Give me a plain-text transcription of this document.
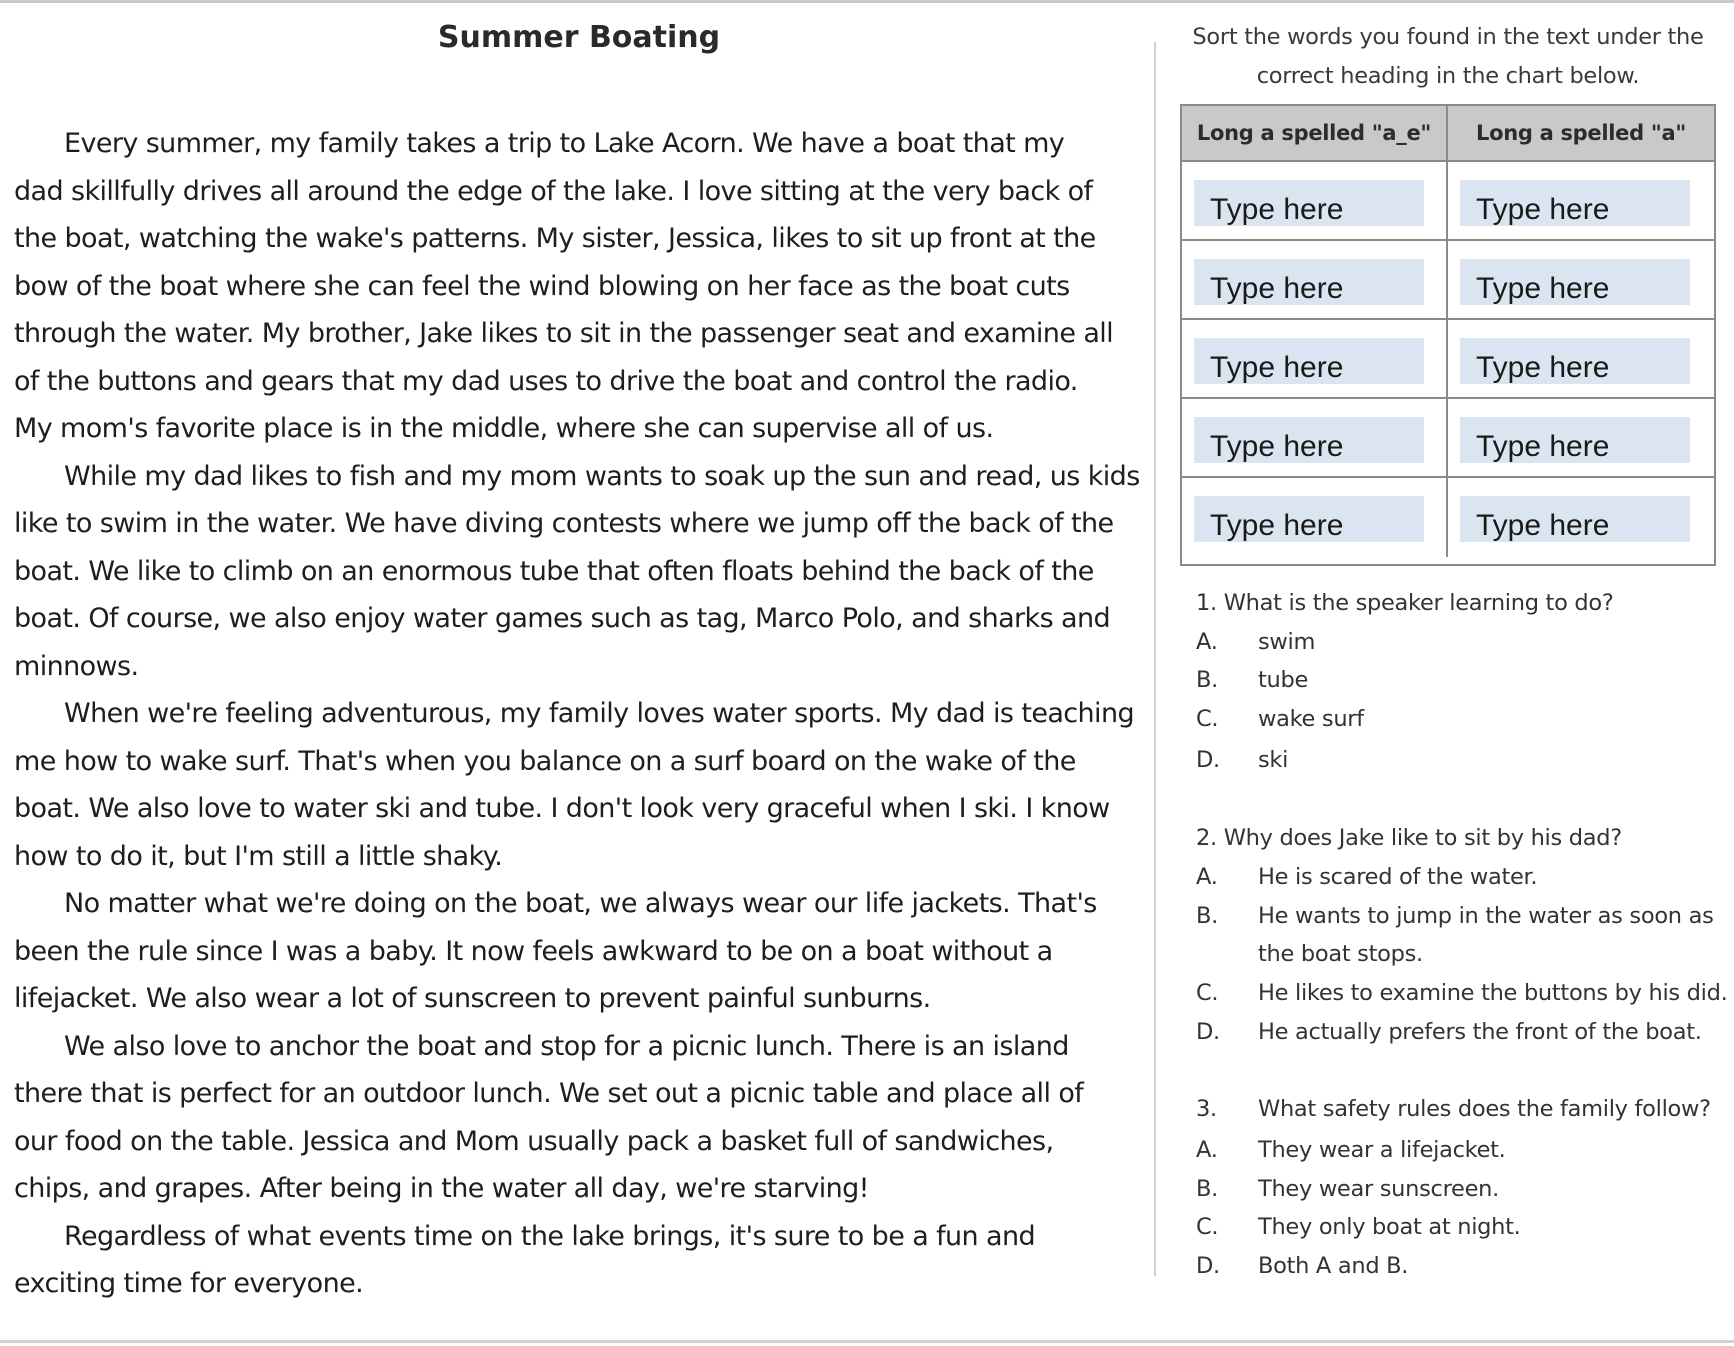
Summer Boating
Every summer, my family takes a trip to Lake Acorn. We have a boat that my
dad skillfully drives all around the edge of the lake. I love sitting at the very back of
the boat, watching the wake's patterns. My sister, Jessica, likes to sit up front at the
bow of the boat where she can feel the wind blowing on her face as the boat cuts
through the water. My brother, Jake likes to sit in the passenger seat and examine all
of the buttons and gears that my dad uses to drive the boat and control the radio.
My mom's favorite place is in the middle, where she can supervise all of us.
While my dad likes to fish and my mom wants to soak up the sun and read, us kids
like to swim in the water. We have diving contests where we jump off the back of the
boat. We like to climb on an enormous tube that often floats behind the back of the
boat. Of course, we also enjoy water games such as tag, Marco Polo, and sharks and
minnows.
When we're feeling adventurous, my family loves water sports. My dad is teaching
me how to wake surf. That's when you balance on a surf board on the wake of the
boat. We also love to water ski and tube. I don't look very graceful when I ski. I know
how to do it, but I'm still a little shaky.
No matter what we're doing on the boat, we always wear our life jackets. That's
been the rule since I was a baby. It now feels awkward to be on a boat without a
lifejacket. We also wear a lot of sunscreen to prevent painful sunburns.
We also love to anchor the boat and stop for a picnic lunch. There is an island
there that is perfect for an outdoor lunch. We set out a picnic table and place all of
our food on the table. Jessica and Mom usually pack a basket full of sandwiches,
chips, and grapes. After being in the water all day, we're starving!
Regardless of what events time on the lake brings, it's sure to be a fun and
exciting time for everyone.
Sort the words you found in the text under the
correct heading in the chart below.
Long a spelled "a_e"	Long a spelled "a"
Type here
Type here
Type here
Type here
Type here
Type here
Type here
Type here
Type here
Type here
1. What is the speaker learning to do?
A. swim
B. tube
C. wake surf
D. ski
2. Why does Jake like to sit by his dad?
A. He is scared of the water.
B. He wants to jump in the water as soon as
the boat stops.
C. He likes to examine the buttons by his did.
D. He actually prefers the front of the boat.
3. What safety rules does the family follow?
A. They wear a lifejacket.
B. They wear sunscreen.
C. They only boat at night.
D. Both A and B.
